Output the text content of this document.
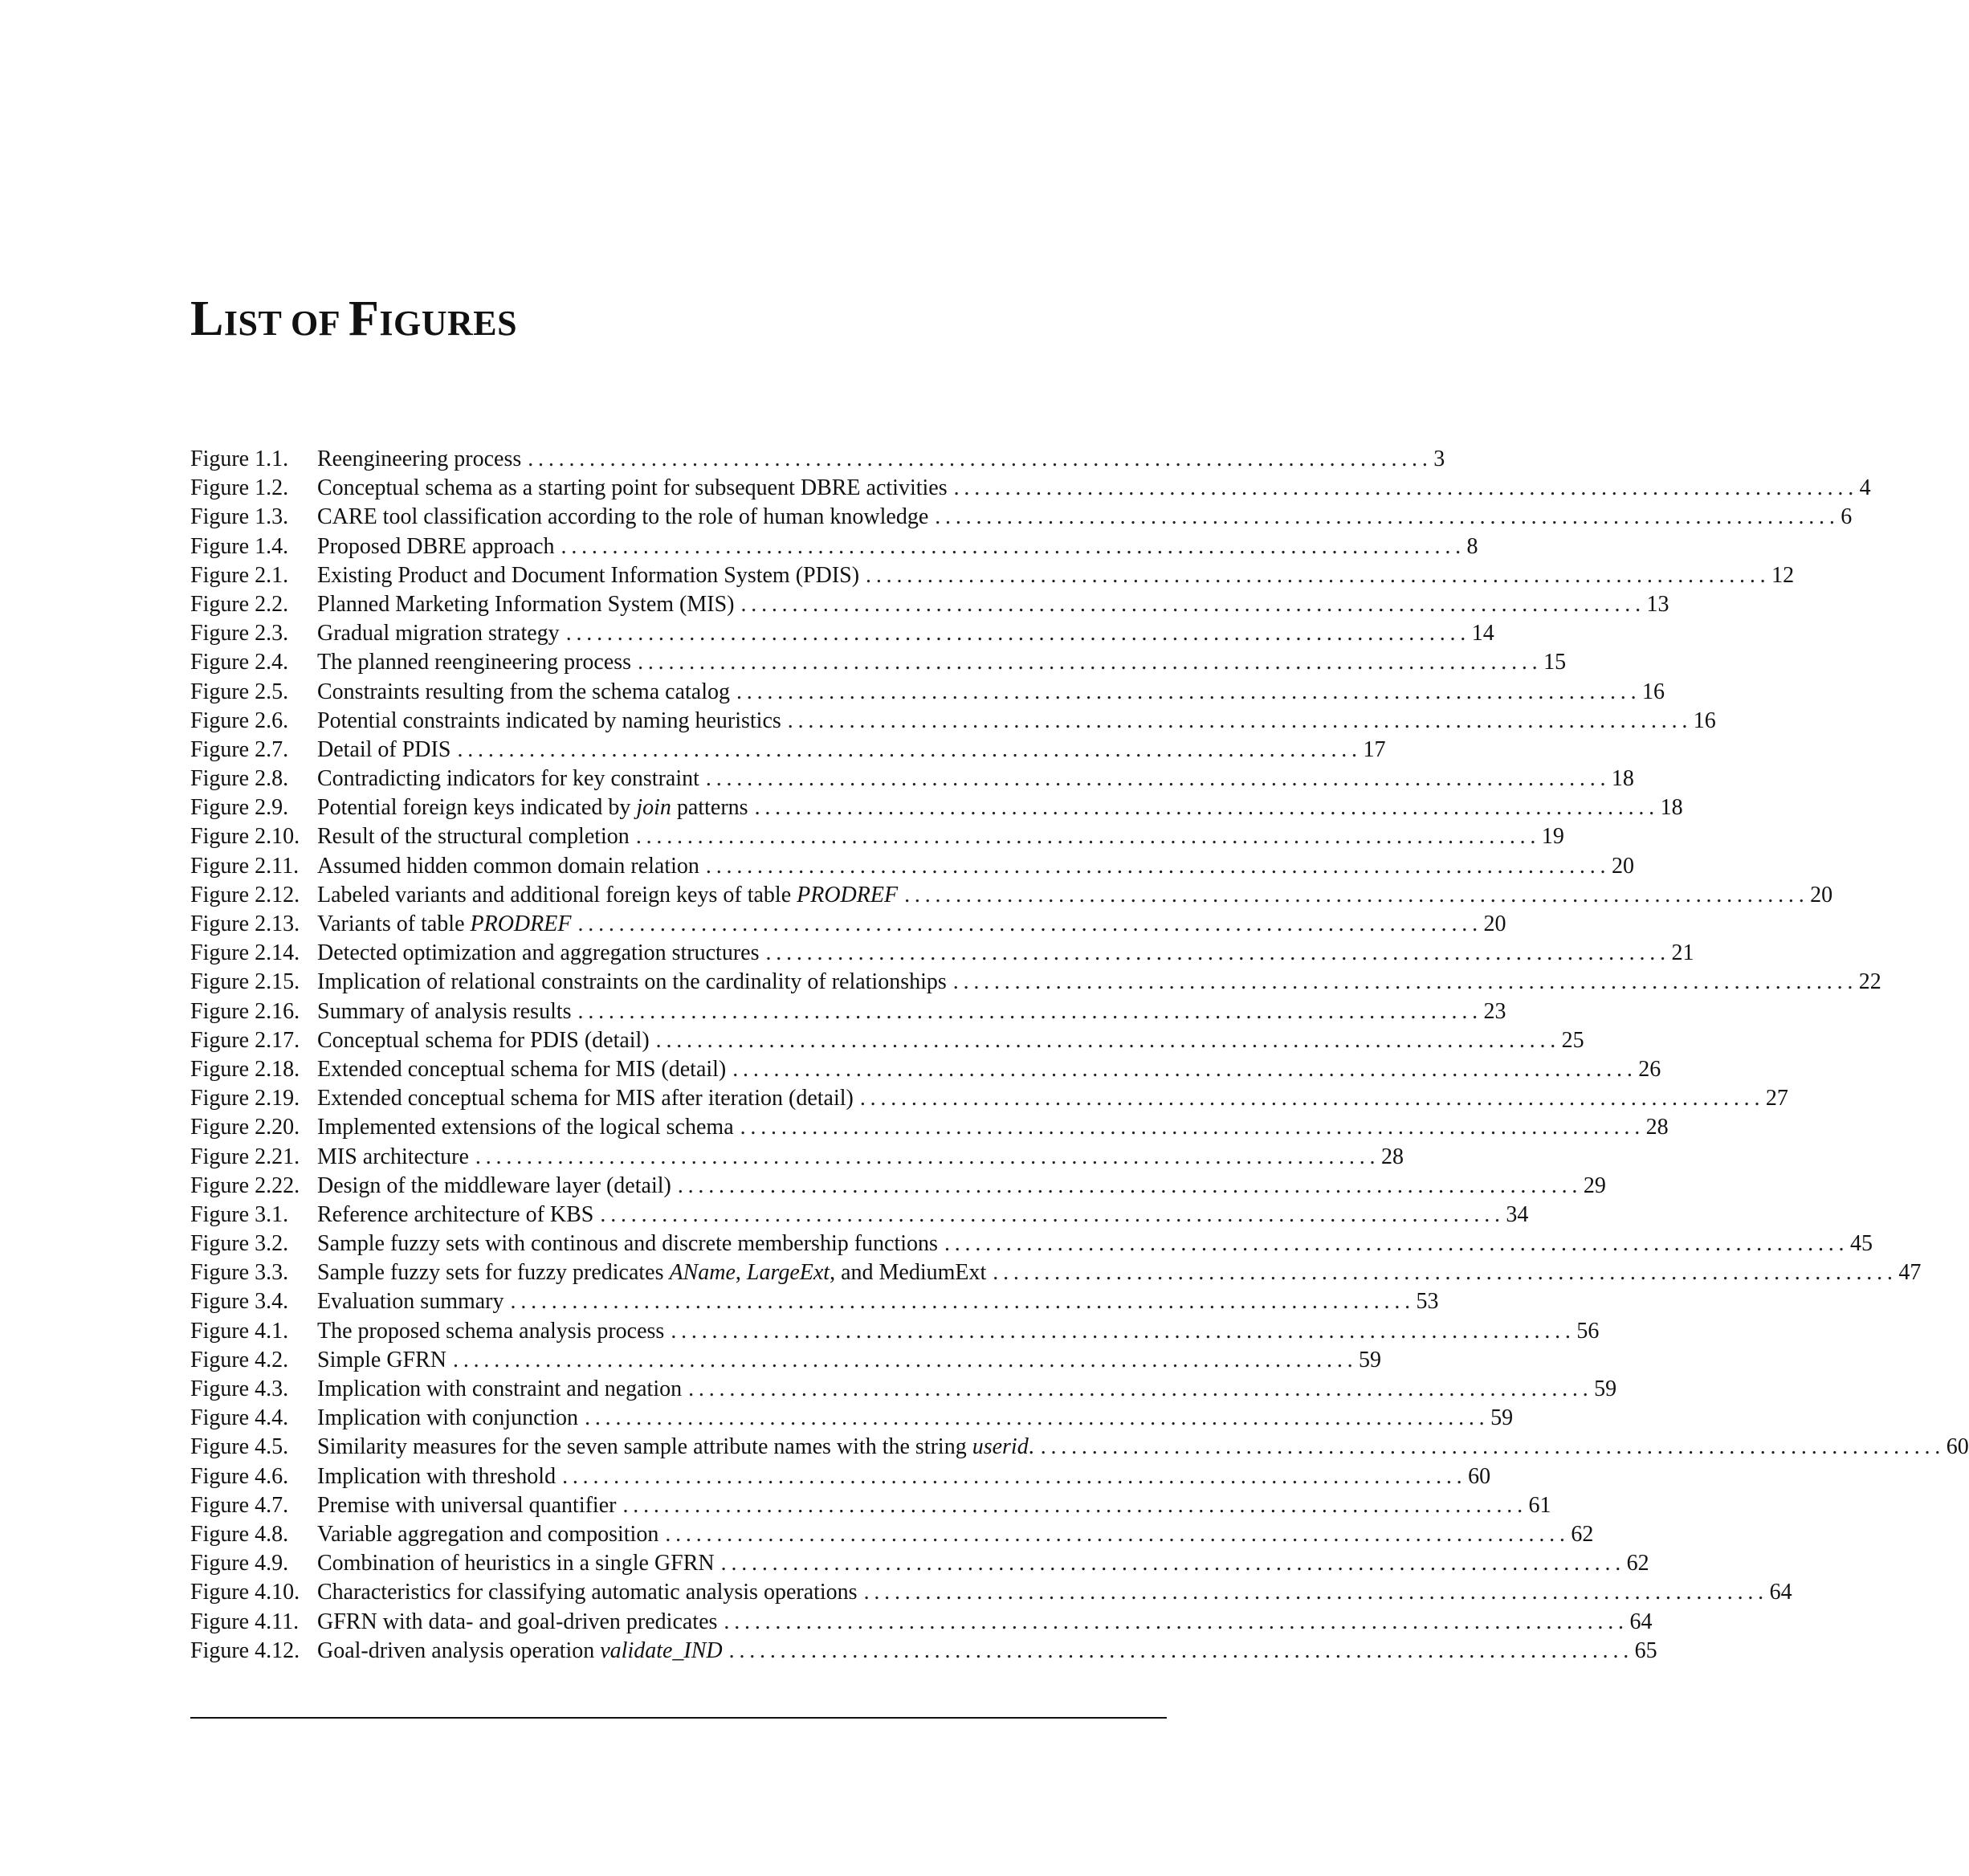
LIST OF FIGURES
Figure 1.1.	Reengineering process . . .	3
Figure 1.2.	Conceptual schema as a starting point for subsequent DBRE activities . . .	4
Figure 1.3.	CARE tool classification according to the role of human knowledge . . .	6
Figure 1.4.	Proposed DBRE approach . . .	8
Figure 2.1.	Existing Product and Document Information System (PDIS) . . .	12
Figure 2.2.	Planned Marketing Information System (MIS) . . .	13
Figure 2.3.	Gradual migration strategy . . .	14
Figure 2.4.	The planned reengineering process . . .	15
Figure 2.5.	Constraints resulting from the schema catalog . . .	16
Figure 2.6.	Potential constraints indicated by naming heuristics . . .	16
Figure 2.7.	Detail of PDIS . . .	17
Figure 2.8.	Contradicting indicators for key constraint . . .	18
Figure 2.9.	Potential foreign keys indicated by join patterns . . .	18
Figure 2.10. Result of the structural completion . . .	19
Figure 2.11. Assumed hidden common domain relation . . .	20
Figure 2.12. Labeled variants and additional foreign keys of table PRODREF . . .	20
Figure 2.13. Variants of table PRODREF . . .	20
Figure 2.14. Detected optimization and aggregation structures . . .	21
Figure 2.15. Implication of relational constraints on the cardinality of relationships . . .	22
Figure 2.16. Summary of analysis results . . .	23
Figure 2.17. Conceptual schema for PDIS (detail) . . .	25
Figure 2.18. Extended conceptual schema for MIS (detail) . . .	26
Figure 2.19. Extended conceptual schema for MIS after iteration (detail) . . .	27
Figure 2.20. Implemented extensions of the logical schema . . .	28
Figure 2.21. MIS architecture . . .	28
Figure 2.22. Design of the middleware layer (detail) . . .	29
Figure 3.1.	Reference architecture of KBS . . .	34
Figure 3.2.	Sample fuzzy sets with continous and discrete membership functions . . .	45
Figure 3.3.	Sample fuzzy sets for fuzzy predicates AName, LargeExt, and MediumExt . . .	47
Figure 3.4.	Evaluation summary . . .	53
Figure 4.1.	The proposed schema analysis process . . .	56
Figure 4.2.	Simple GFRN . . .	59
Figure 4.3.	Implication with constraint and negation . . .	59
Figure 4.4.	Implication with conjunction . . .	59
Figure 4.5.	Similarity measures for the seven sample attribute names with the string userid. . . .	60
Figure 4.6.	Implication with threshold . . .	60
Figure 4.7.	Premise with universal quantifier . . .	61
Figure 4.8.	Variable aggregation and composition . . .	62
Figure 4.9.	Combination of heuristics in a single GFRN . . .	62
Figure 4.10. Characteristics for classifying automatic analysis operations . . .	64
Figure 4.11. GFRN with data- and goal-driven predicates . . .	64
Figure 4.12. Goal-driven analysis operation validate_IND . . .	65
